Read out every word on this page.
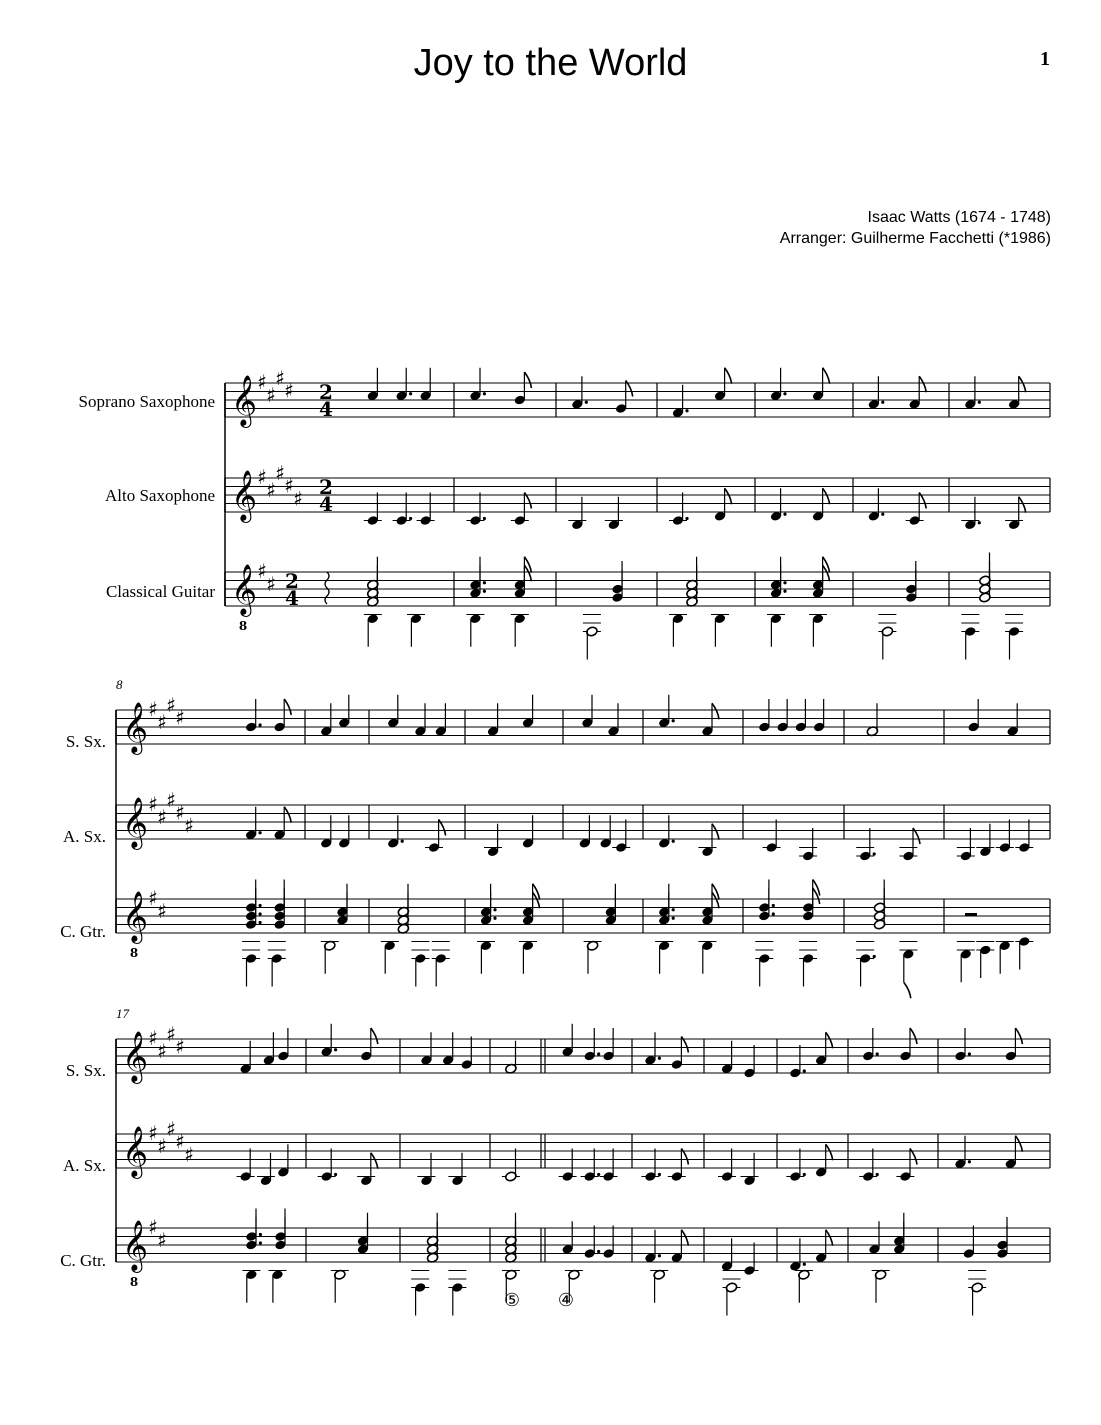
Joy to the World	1
Isaac Watts (1674 - 1748)
Arranger: Guilherme Facchetti (*1986)
Soprano Saxophone
Alto Saxophone
Classical Guitar
S. Sx.
A. Sx.
C. Gtr.
S. Sx.
A. Sx.
C. Gtr.
8
17
𝄞 ♯
♯
♯
♯ 2
4
𝄞 ♯
♯
♯
♯
♯ 2
4
𝄞
8
♯
♯ 2
4
𝄞 ♯
♯
♯
♯
𝄞 ♯
♯
♯
♯
♯
𝄞
8
♯
♯
𝄞 ♯
♯
♯
♯
𝄞 ♯
♯
♯
♯
♯
𝄞
8
♯
♯
⑤ ④
